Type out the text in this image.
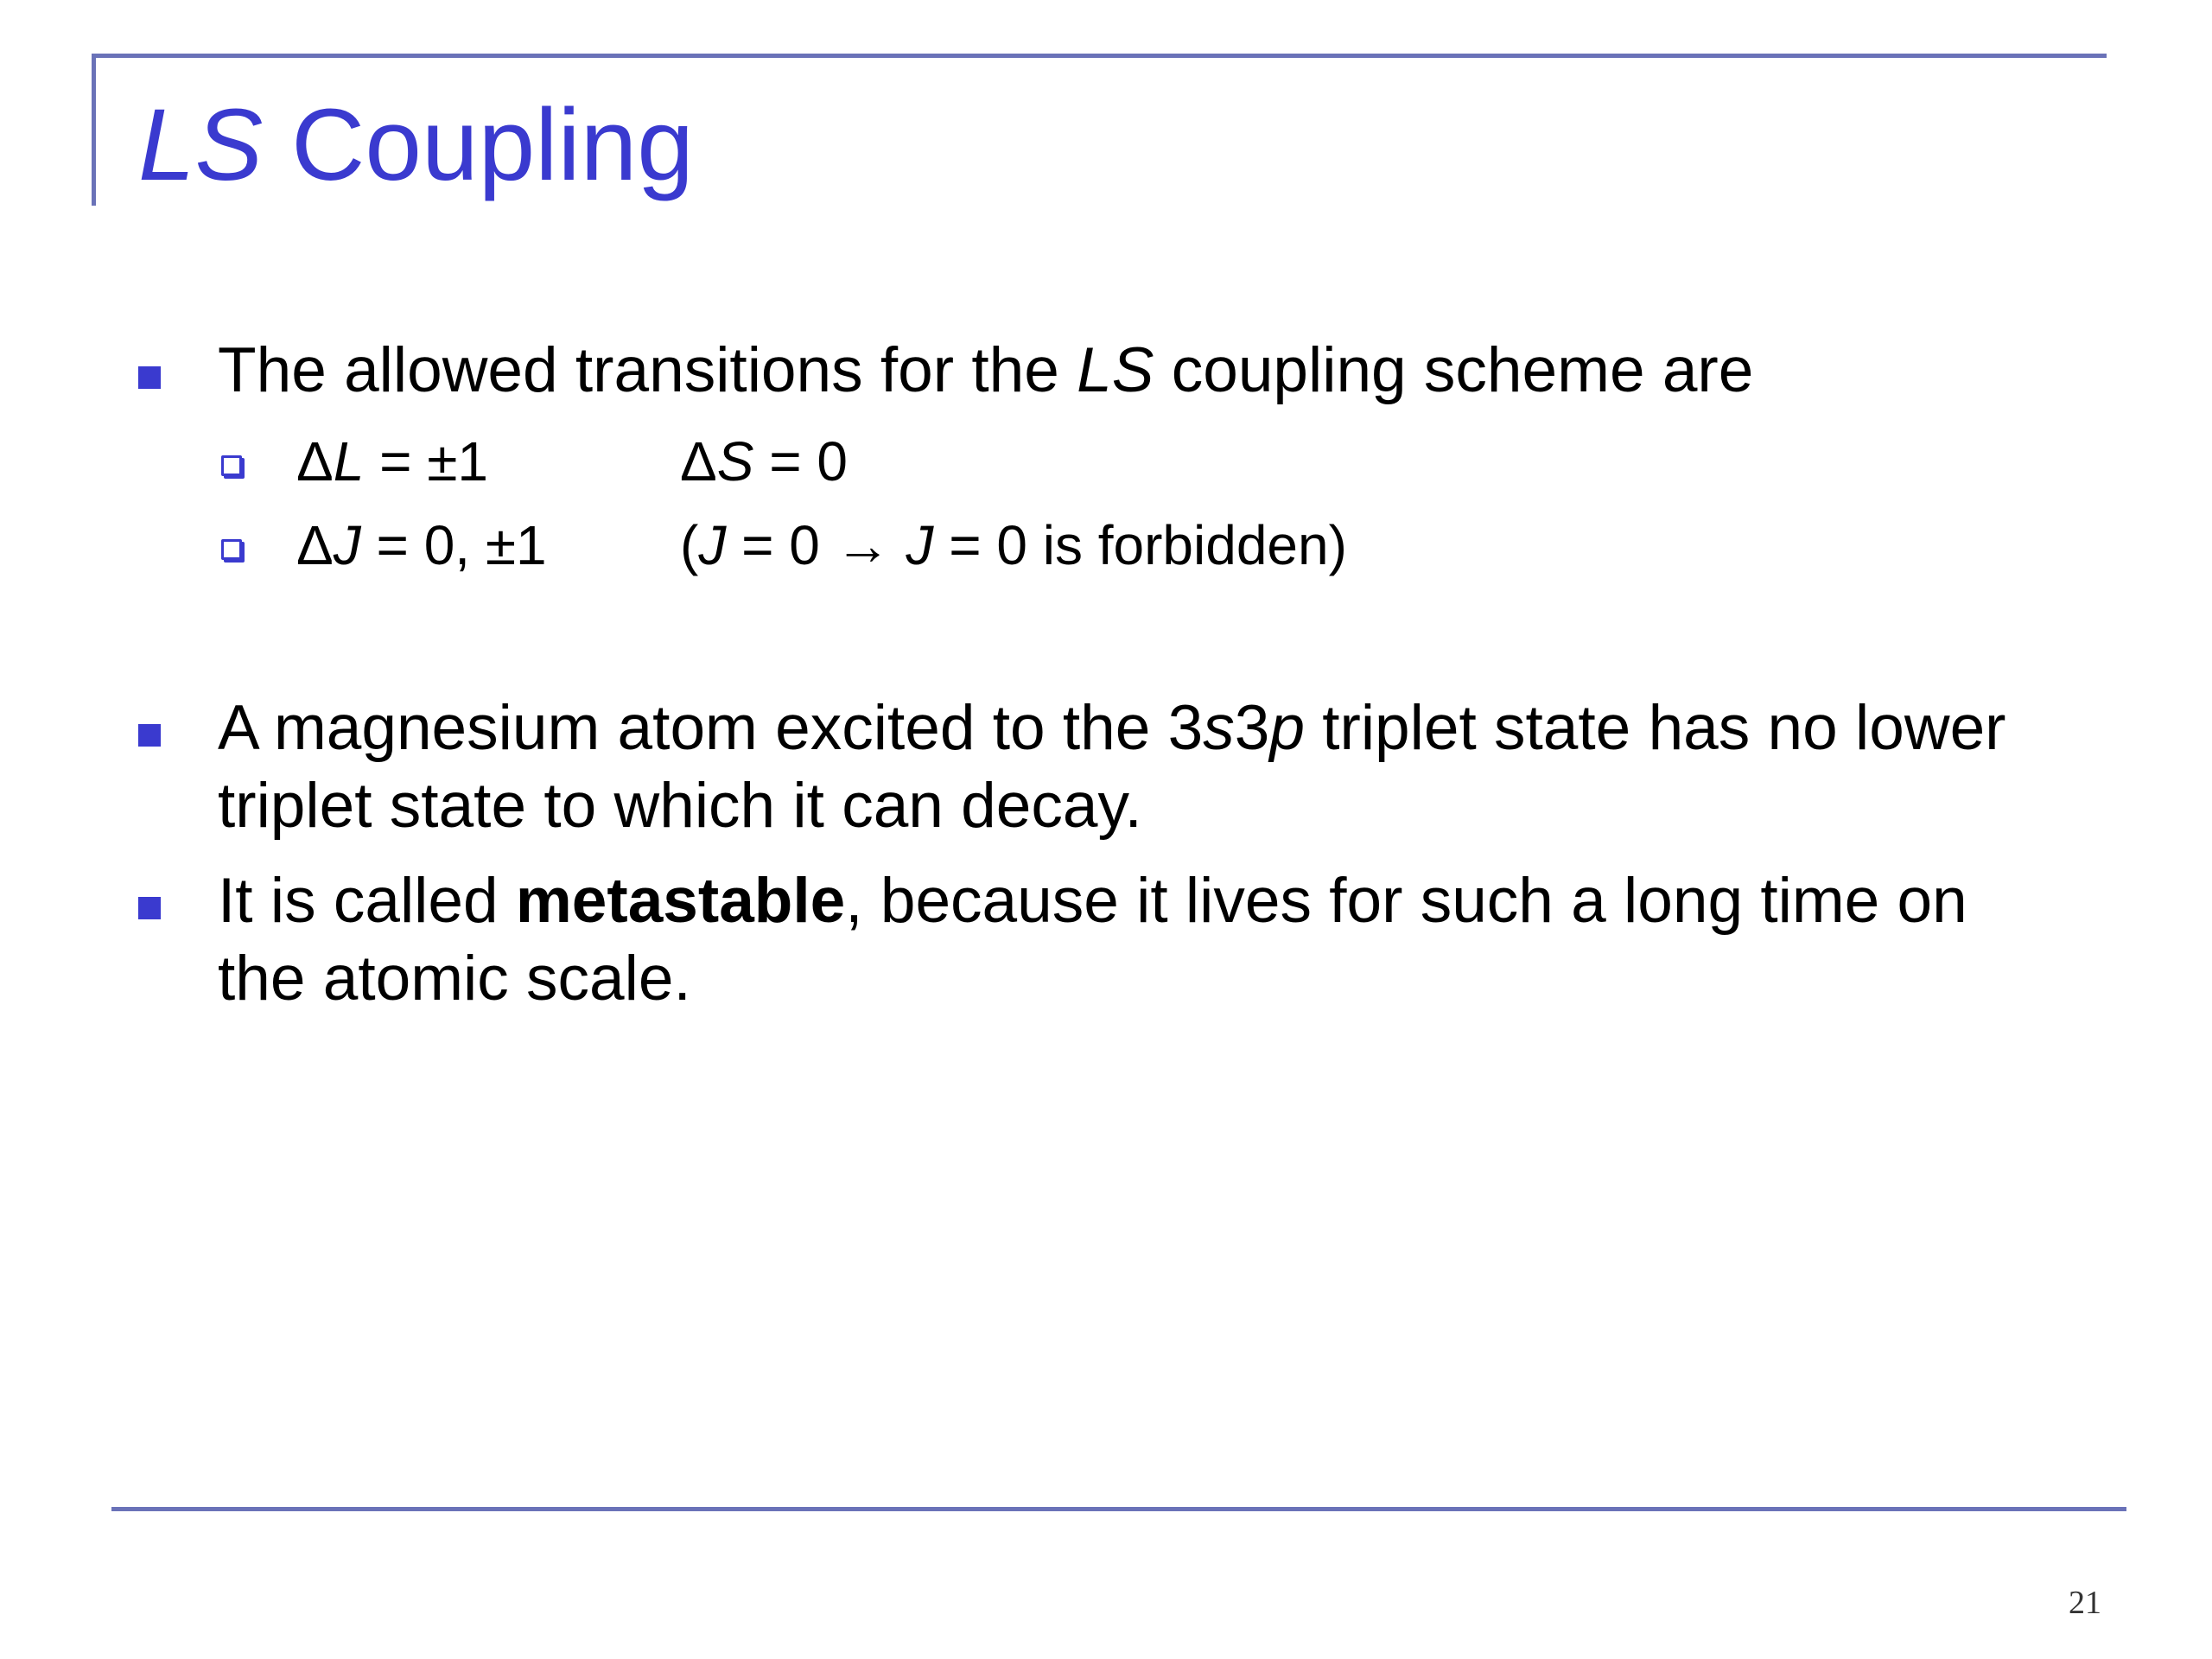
LS Coupling
The allowed transitions for the LS coupling scheme are
ΔL = ±1	ΔS = 0
ΔJ = 0, ±1 (J = 0 → J = 0 is forbidden)
A magnesium atom excited to the 3s3p triplet state has no lower
triplet state to which it can decay.
It is called metastable, because it lives for such a long time on
the atomic scale.
21
